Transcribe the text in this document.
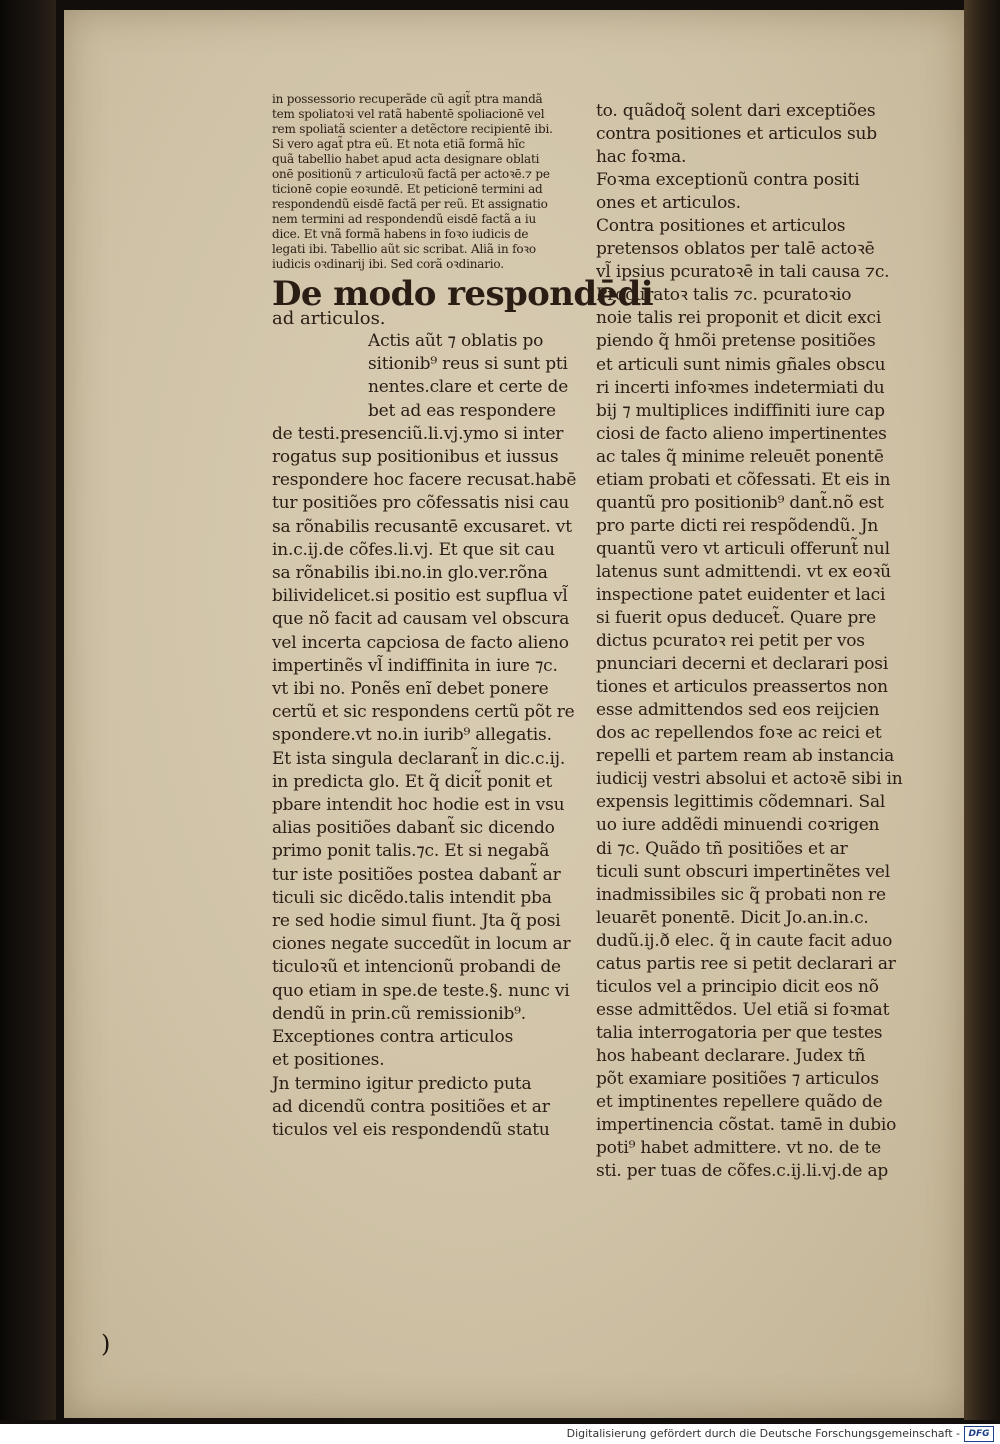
in possessorio recuperãde cũ agit̃ ptra mandã
tem spoliatoꝛi vel ratã habentē spoliacionē vel
rem spoliatã scienter a detẽctore recipientē ibi.
Si vero agat̃ ptra eũ. Et nota etiã formã hĩc
quã tabellio habet apud acta designare oblati
onē positionũ ⁊ articuloꝛũ factã per actoꝛē.⁊ pe
ticionē copie eoꝛundē. Et peticionē termini ad
respondendũ eisdē factã per reũ. Et assignatio
nem termini ad respondendũ eisdē factã a iu
dice. Et vnã formã habens in foꝛo iudicis de
legati ibi. Tabellio aũt sic scribat. Aliã in foꝛo
iudicis oꝛdinarij ibi. Sed corã oꝛdinario.
De modo respondēdi
ad articulos.
Actis aũt ⁊ oblatis po
sitionib⁹ reus si sunt pti
nentes.clare et certe de
bet ad eas respondere
de testi.presenciũ.li.vj.ymo si inter
rogatus sup positionibus et iussus
respondere hoc facere recusat.habē
tur positiões pro cõfessatis nisi cau
sa rõnabilis recusantē excusaret. vt
in.c.ij.de cõfes.li.vj. Et que sit cau
sa rõnabilis ibi.no.in glo.ver.rõna
bilividelicet.si positio est supflua vl̃
que nõ facit ad causam vel obscura
vel incerta capciosa de facto alieno
impertinẽs vl̃ indiffinita in iure ⁊c.
vt ibi no. Ponẽs enĩ debet ponere
certũ et sic respondens certũ põt re
spondere.vt no.in iurib⁹ allegatis.
Et ista singula declarant̃ in dic.c.ij.
in predicta glo. Et q̃ dicit̃ ponit et
pbare intendit hoc hodie est in vsu
alias positiões dabant̃ sic dicendo
primo ponit talis.⁊c. Et si negabã
tur iste positiões postea dabant̃ ar
ticuli sic dicẽdo.talis intendit pba
re sed hodie simul fiunt. Jta q̃ posi
ciones negate succedũt in locum ar
ticuloꝛũ et intencionũ probandi de
quo etiam in spe.de teste.§. nunc vi
dendũ in prin.cũ remissionib⁹.
Exceptiones contra articulos
et positiones.
Jn termino igitur predicto puta
ad dicendũ contra positiões et ar
ticulos vel eis respondendũ statu
to. quãdoq̃ solent dari exceptiões
contra positiones et articulos sub
hac foꝛma.
Foꝛma exceptionũ contra positi
ones et articulos.
Contra positiones et articulos
pretensos oblatos per talē actoꝛē
vl̃ ipsius pcuratoꝛē in tali causa ⁊c.
Procuratoꝛ talis ⁊c. pcuratoꝛio
noie talis rei proponit et dicit exci
piendo q̃ hmõi pretense positiões
et articuli sunt nimis gñales obscu
ri incerti infoꝛmes indetermiati du
bij ⁊ multiplices indiffiniti iure cap
ciosi de facto alieno impertinentes
ac tales q̃ minime releuēt ponentē
etiam probati et cõfessati. Et eis in
quantũ pro positionib⁹ dant̃.nõ est
pro parte dicti rei respõdendũ. Jn
quantũ vero vt articuli offerunt̃ nul
latenus sunt admittendi. vt ex eoꝛũ
inspectione patet euidenter et laci
si fuerit opus deducet̃. Quare pre
dictus pcuratoꝛ rei petit per vos
pnunciari decerni et declarari posi
tiones et articulos preassertos non
esse admittendos sed eos reijcien
dos ac repellendos foꝛe ac reici et
repelli et partem ream ab instancia
iudicij vestri absolui et actoꝛē sibi in
expensis legittimis cõdemnari. Sal
uo iure addẽdi minuendi coꝛrigen
di ⁊c. Quãdo tñ positiões et ar
ticuli sunt obscuri impertinẽtes vel
inadmissibiles sic q̃ probati non re
leuarēt ponentē. Dicit Jo.an.in.c.
dudũ.ij.ð elec. q̃ in caute facit aduo
catus partis ree si petit declarari ar
ticulos vel a principio dicit eos nõ
esse admittẽdos. Uel etiã si foꝛmat
talia interrogatoria per que testes
hos habeant declarare. Judex tñ
põt examiare positiões ⁊ articulos
et imptinentes repellere quãdo de
impertinencia cõstat. tamē in dubio
poti⁹ habet admittere. vt no. de te
sti. per tuas de cõfes.c.ij.li.vj.de ap
)
Digitalisierung gefördert durch die Deutsche Forschungsgemeinschaft - DFG
